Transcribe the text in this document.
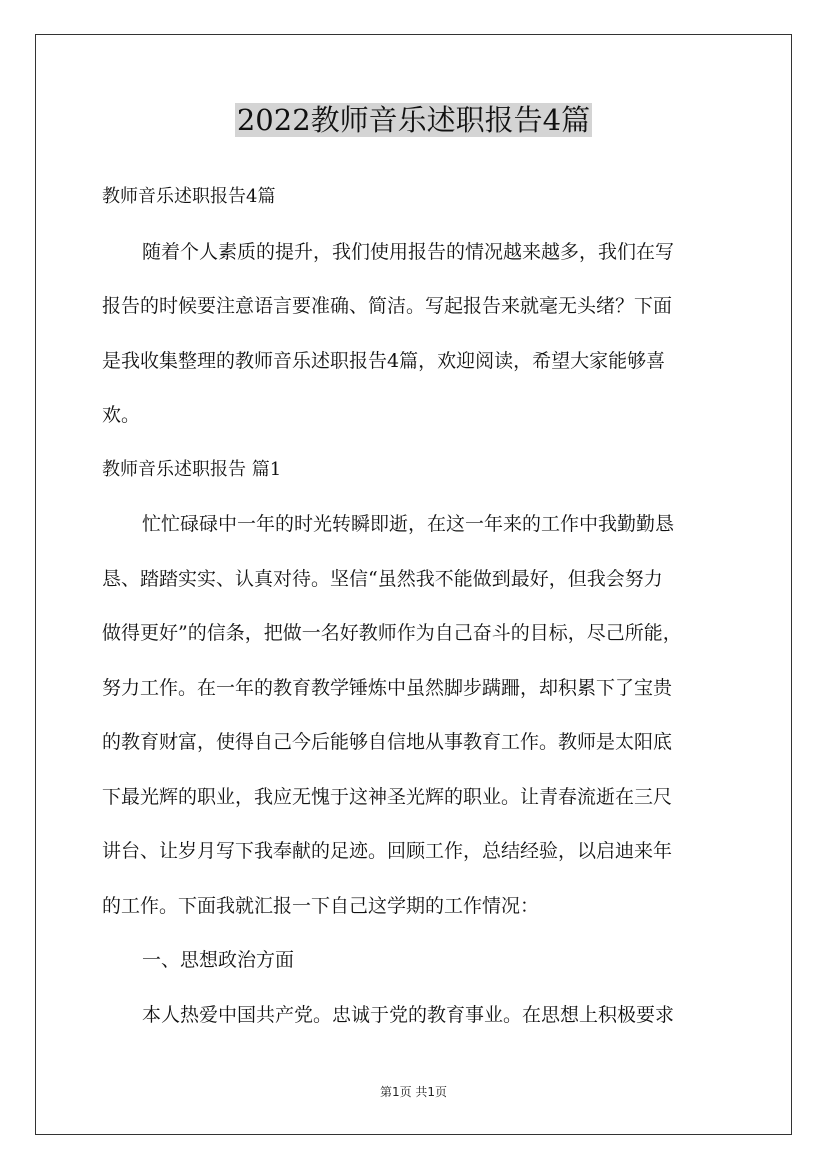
2022教师音乐述职报告4篇
教师音乐述职报告4篇
随着个人素质的提升，我们使用报告的情况越来越多，我们在写
报告的时候要注意语言要准确、简洁。写起报告来就毫无头绪？下面
是我收集整理的教师音乐述职报告4篇，欢迎阅读，希望大家能够喜
欢。
教师音乐述职报告 篇1
忙忙碌碌中一年的时光转瞬即逝，在这一年来的工作中我勤勤恳
恳、踏踏实实、认真对待。坚信“虽然我不能做到最好，但我会努力
做得更好”的信条，把做一名好教师作为自己奋斗的目标，尽己所能，
努力工作。在一年的教育教学锤炼中虽然脚步蹒跚，却积累下了宝贵
的教育财富，使得自己今后能够自信地从事教育工作。教师是太阳底
下最光辉的职业，我应无愧于这神圣光辉的职业。让青春流逝在三尺
讲台、让岁月写下我奉献的足迹。回顾工作，总结经验，以启迪来年
的工作。下面我就汇报一下自己这学期的工作情况：
一、思想政治方面
本人热爱中国共产党。忠诚于党的教育事业。在思想上积极要求
第1页 共1页
